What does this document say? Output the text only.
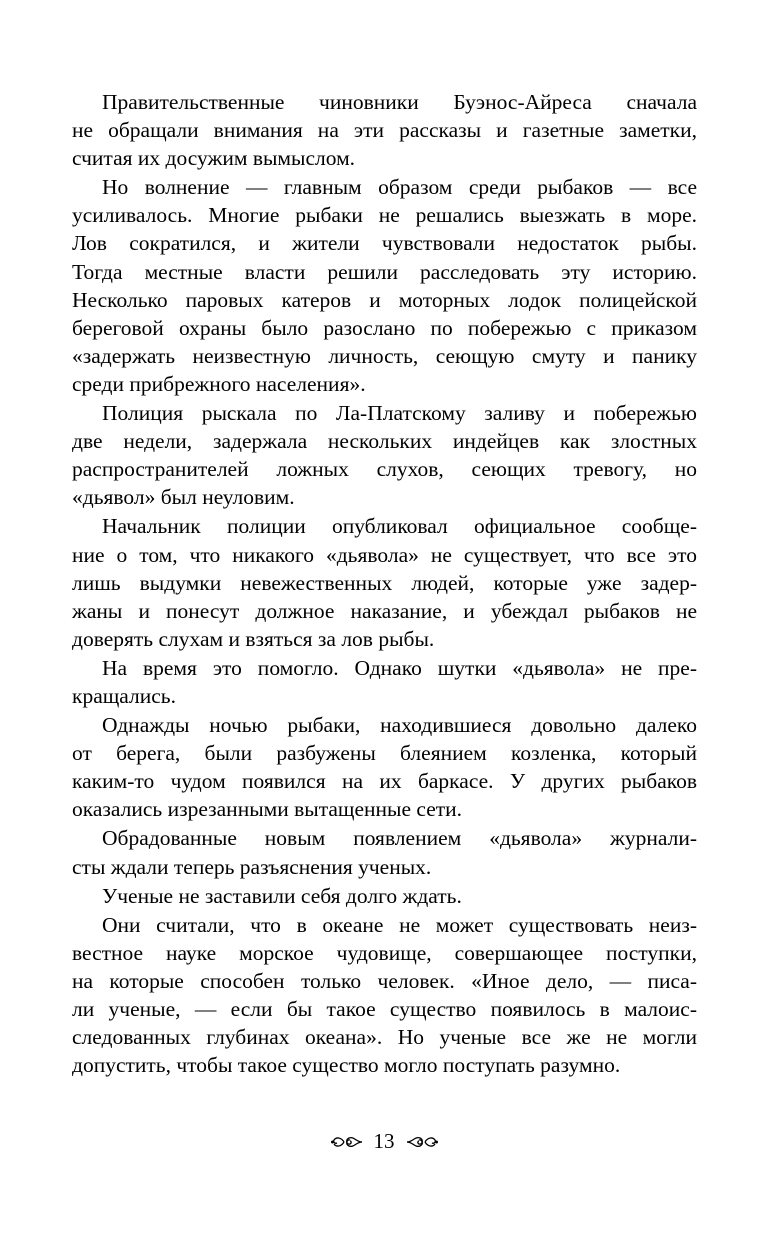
Правительственные чиновники Буэнос-Айреса сначала
не обращали внимания на эти рассказы и газетные заметки,
считая их досужим вымыслом.
Но волнение — главным образом среди рыбаков — все
усиливалось. Многие рыбаки не решались выезжать в море.
Лов сократился, и жители чувствовали недостаток рыбы.
Тогда местные власти решили расследовать эту историю.
Несколько паровых катеров и моторных лодок полицейской
береговой охраны было разослано по побережью с приказом
«задержать неизвестную личность, сеющую смуту и панику
среди прибрежного населения».
Полиция рыскала по Ла-Платскому заливу и побережью
две недели, задержала нескольких индейцев как злостных
распространителей ложных слухов, сеющих тревогу, но
«дьявол» был неуловим.
Начальник полиции опубликовал официальное сообще-
ние о том, что никакого «дьявола» не существует, что все это
лишь выдумки невежественных людей, которые уже задер-
жаны и понесут должное наказание, и убеждал рыбаков не
доверять слухам и взяться за лов рыбы.
На время это помогло. Однако шутки «дьявола» не пре-
кращались.
Однажды ночью рыбаки, находившиеся довольно далеко
от берега, были разбужены блеянием козленка, который
каким-то чудом появился на их баркасе. У других рыбаков
оказались изрезанными вытащенные сети.
Обрадованные новым появлением «дьявола» журнали-
сты ждали теперь разъяснения ученых.
Ученые не заставили себя долго ждать.
Они считали, что в океане не может существовать неиз-
вестное науке морское чудовище, совершающее поступки,
на которые способен только человек. «Иное дело, — писа-
ли ученые, — если бы такое существо появилось в малоис-
следованных глубинах океана». Но ученые все же не могли
допустить, чтобы такое существо могло поступать разумно.
13
